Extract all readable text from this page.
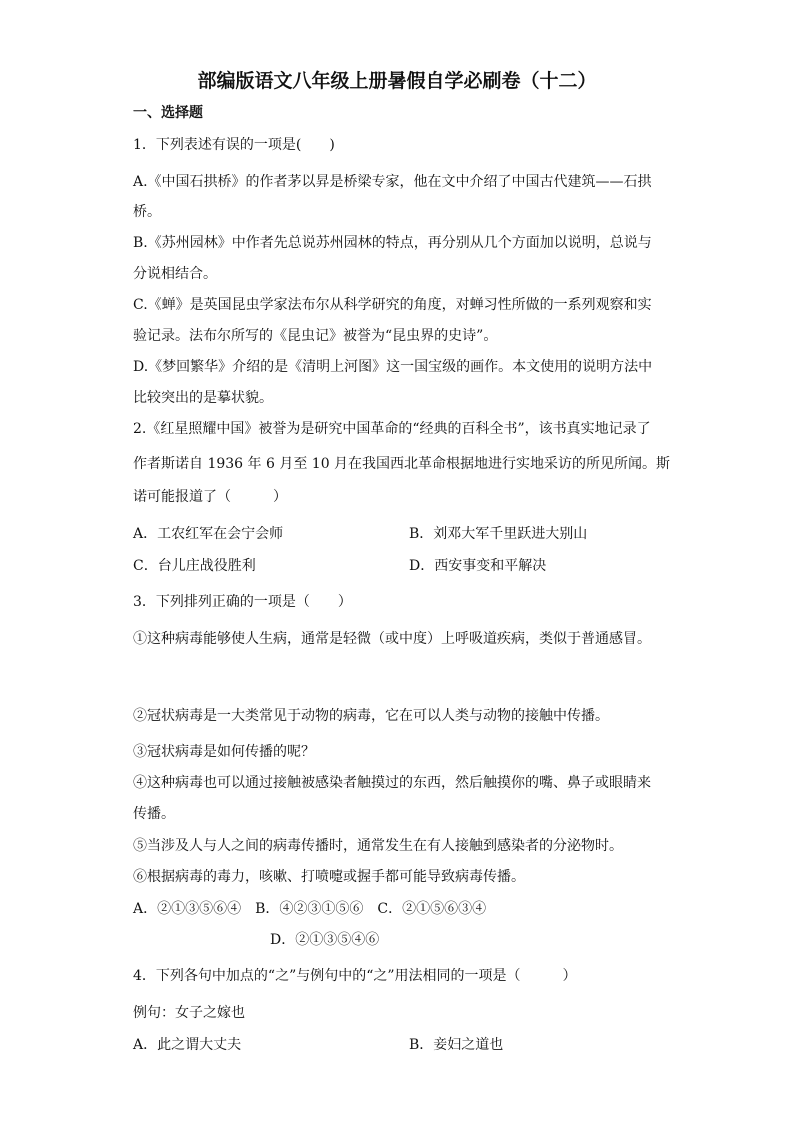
部编版语文八年级上册暑假自学必刷卷（十二）
一、选择题
1．下列表述有误的一项是(　　)
A.《中国石拱桥》的作者茅以昇是桥梁专家，他在文中介绍了中国古代建筑——石拱
桥。
B.《苏州园林》中作者先总说苏州园林的特点，再分别从几个方面加以说明，总说与
分说相结合。
C.《蝉》是英国昆虫学家法布尔从科学研究的角度，对蝉习性所做的一系列观察和实
验记录。法布尔所写的《昆虫记》被誉为“昆虫界的史诗”。
D.《梦回繁华》介绍的是《清明上河图》这一国宝级的画作。本文使用的说明方法中
比较突出的是摹状貌。
2.《红星照耀中国》被誉为是研究中国革命的“经典的百科全书”，该书真实地记录了
作者斯诺自 1936 年 6 月至 10 月在我国西北革命根据地进行实地采访的所见所闻。斯
诺可能报道了（　　　）
A．工农红军在会宁会师	B．刘邓大军千里跃进大别山
C．台儿庄战役胜利	D．西安事变和平解决
3．下列排列正确的一项是（　　）
①这种病毒能够使人生病，通常是轻微（或中度）上呼吸道疾病，类似于普通感冒。
②冠状病毒是一大类常见于动物的病毒，它在可以人类与动物的接触中传播。
③冠状病毒是如何传播的呢？
④这种病毒也可以通过接触被感染者触摸过的东西，然后触摸你的嘴、鼻子或眼睛来
传播。
⑤当涉及人与人之间的病毒传播时，通常发生在有人接触到感染者的分泌物时。
⑥根据病毒的毒力，咳嗽、打喷嚏或握手都可能导致病毒传播。
A．②①③⑤⑥④　B．④②③①⑤⑥　C．②①⑤⑥③④
D．②①③⑤④⑥
4．下列各句中加点的“之”与例句中的“之”用法相同的一项是（　　　）
例句：女子之嫁也
A．此之谓大丈夫	B．妾妇之道也
